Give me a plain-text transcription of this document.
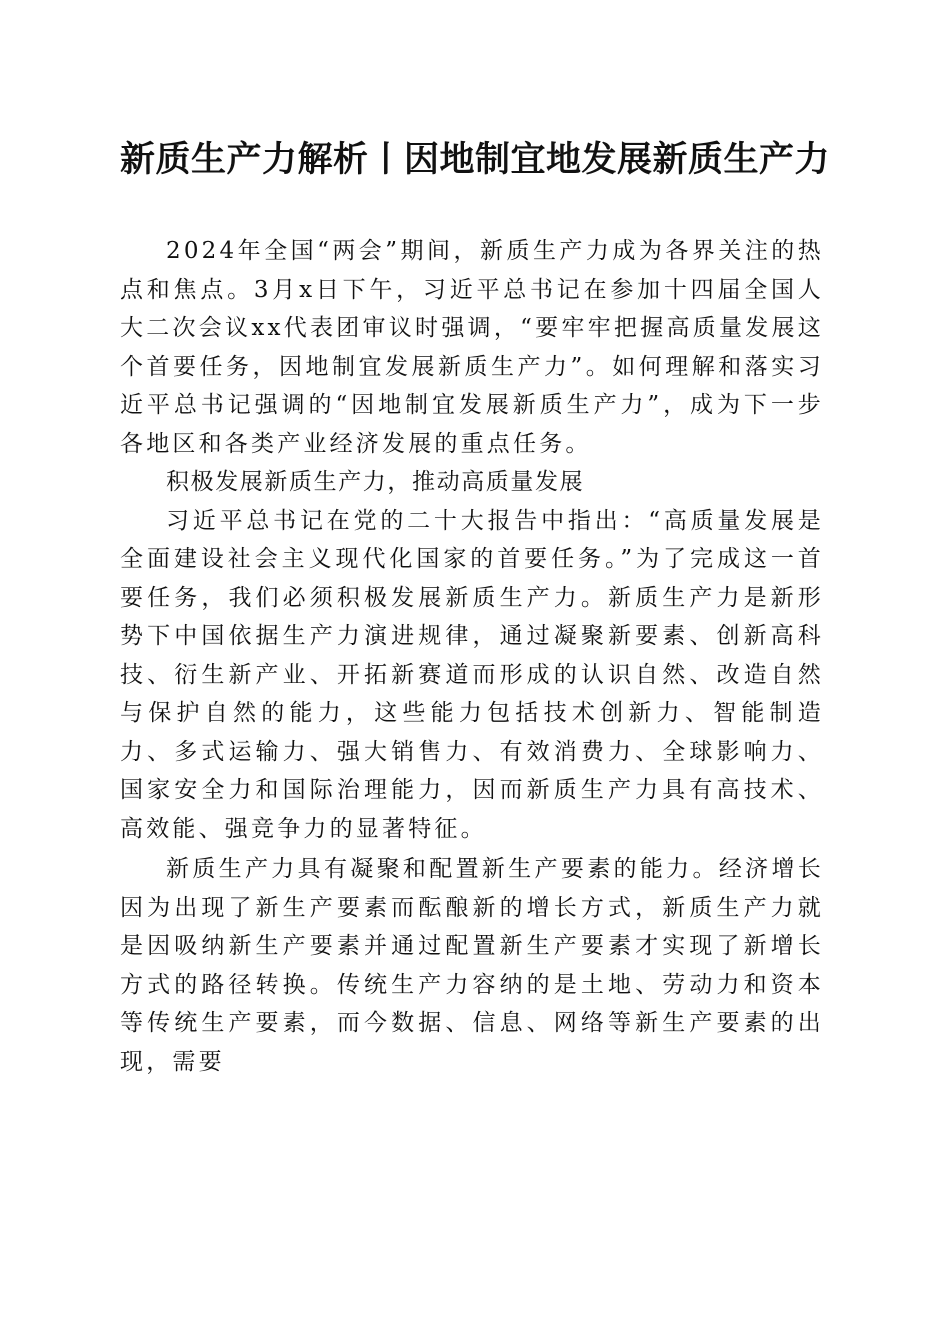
新质生产力解析丨因地制宜地发展新质生产力

2024年全国“两会”期间，新质生产力成为各界关注的热点和焦点。3月x日下午，习近平总书记在参加十四届全国人大二次会议xx代表团审议时强调，“要牢牢把握高质量发展这个首要任务，因地制宜发展新质生产力”。如何理解和落实习近平总书记强调的“因地制宜发展新质生产力”，成为下一步各地区和各类产业经济发展的重点任务。

积极发展新质生产力，推动高质量发展

习近平总书记在党的二十大报告中指出：“高质量发展是全面建设社会主义现代化国家的首要任务。”为了完成这一首要任务，我们必须积极发展新质生产力。新质生产力是新形势下中国依据生产力演进规律，通过凝聚新要素、创新高科技、衍生新产业、开拓新赛道而形成的认识自然、改造自然与保护自然的能力，这些能力包括技术创新力、智能制造力、多式运输力、强大销售力、有效消费力、全球影响力、国家安全力和国际治理能力，因而新质生产力具有高技术、高效能、强竞争力的显著特征。

新质生产力具有凝聚和配置新生产要素的能力。经济增长因为出现了新生产要素而酝酿新的增长方式，新质生产力就是因吸纳新生产要素并通过配置新生产要素才实现了新增长方式的路径转换。传统生产力容纳的是土地、劳动力和资本等传统生产要素，而今数据、信息、网络等新生产要素的出现，需要
